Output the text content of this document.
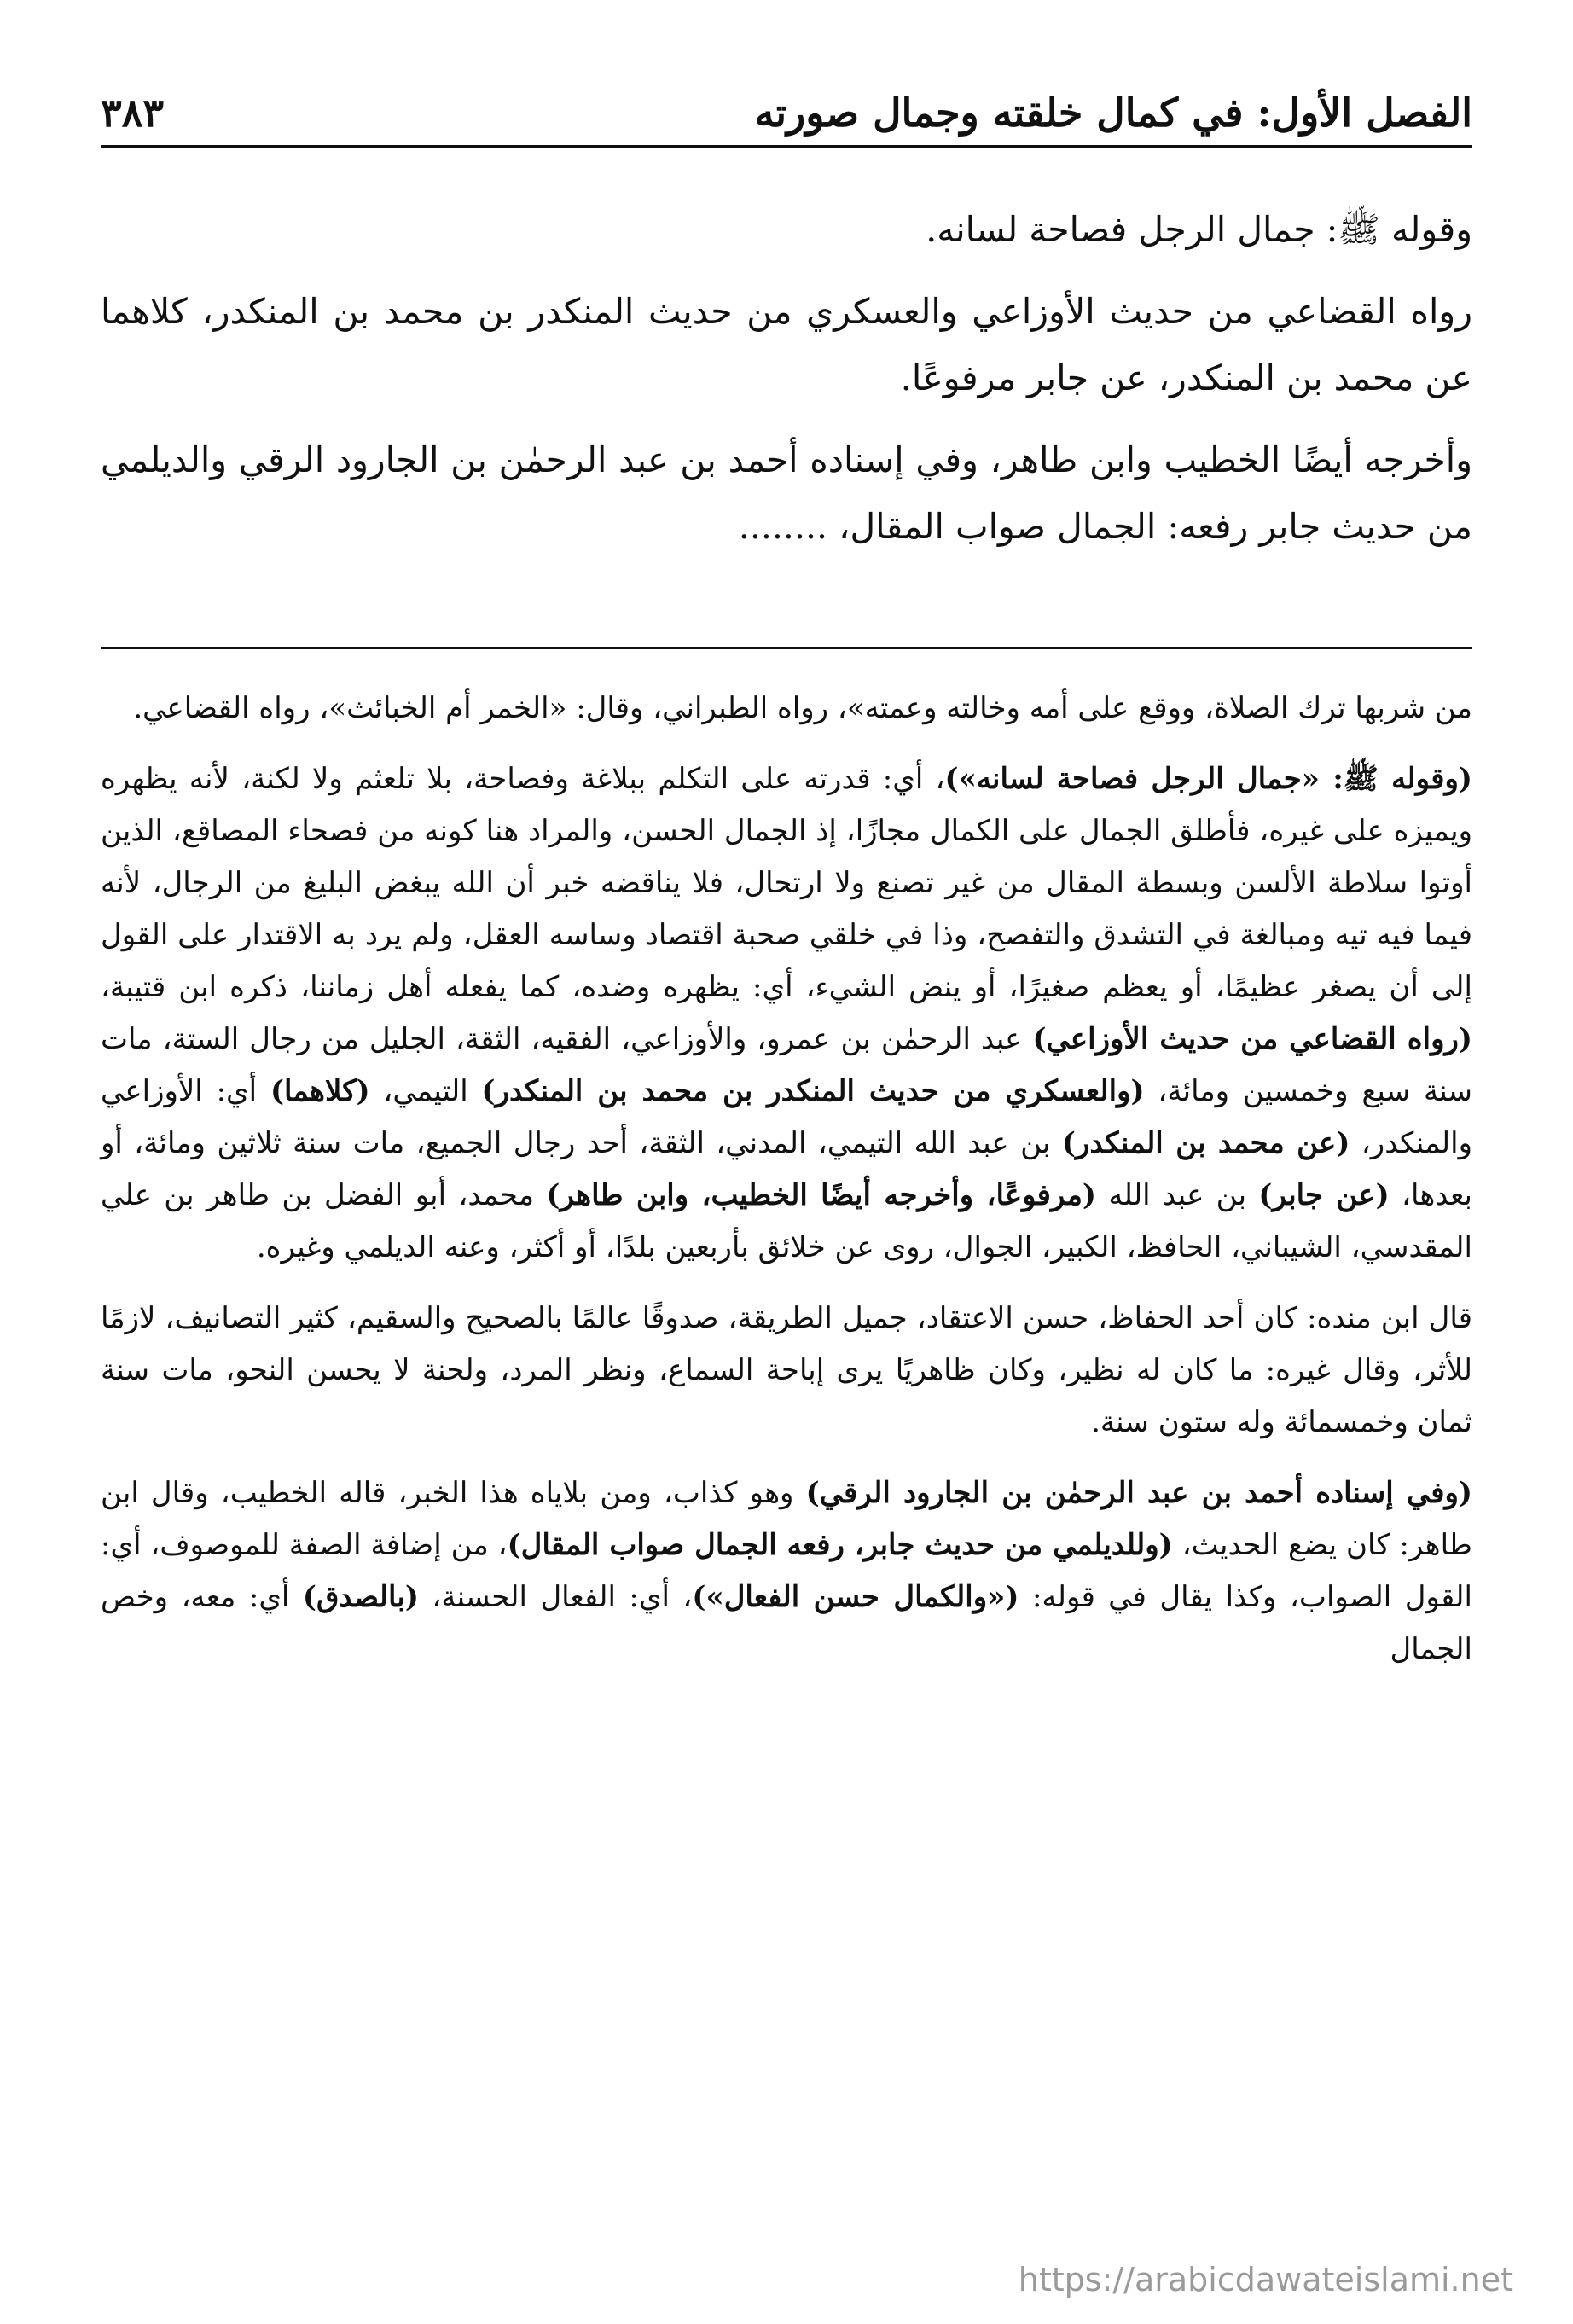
الفصل الأول: في كمال خلقته وجمال صورته
٣٨٣

وقوله ﷺ: جمال الرجل فصاحة لسانه.

رواه القضاعي من حديث الأوزاعي والعسكري من حديث المنكدر بن محمد بن المنكدر، كلاهما عن محمد بن المنكدر، عن جابر مرفوعًا.

وأخرجه أيضًا الخطيب وابن طاهر، وفي إسناده أحمد بن عبد الرحمٰن بن الجارود الرقي والديلمي من حديث جابر رفعه: الجمال صواب المقال، ........

من شربها ترك الصلاة، ووقع على أمه وخالته وعمته»، رواه الطبراني، وقال: «الخمر أم الخبائث»، رواه القضاعي.

(وقوله ﷺ: «جمال الرجل فصاحة لسانه»)، أي: قدرته على التكلم ببلاغة وفصاحة، بلا تلعثم ولا لكنة، لأنه يظهره ويميزه على غيره، فأطلق الجمال على الكمال مجازًا، إذ الجمال الحسن، والمراد هنا كونه من فصحاء المصاقع، الذين أوتوا سلاطة الألسن وبسطة المقال من غير تصنع ولا ارتحال، فلا يناقضه خبر أن الله يبغض البليغ من الرجال، لأنه فيما فيه تيه ومبالغة في التشدق والتفصح، وذا في خلقي صحبة اقتصاد وساسه العقل، ولم يرد به الاقتدار على القول إلى أن يصغر عظيمًا، أو يعظم صغيرًا، أو ينض الشيء، أي: يظهره وضده، كما يفعله أهل زماننا، ذكره ابن قتيبة، (رواه القضاعي من حديث الأوزاعي) عبد الرحمٰن بن عمرو، والأوزاعي، الفقيه، الثقة، الجليل من رجال الستة، مات سنة سبع وخمسين ومائة، (والعسكري من حديث المنكدر بن محمد بن المنكدر) التيمي، (كلاهما) أي: الأوزاعي والمنكدر، (عن محمد بن المنكدر) بن عبد الله التيمي، المدني، الثقة، أحد رجال الجميع، مات سنة ثلاثين ومائة، أو بعدها، (عن جابر) بن عبد الله (مرفوعًا، وأخرجه أيضًا الخطيب، وابن طاهر) محمد، أبو الفضل بن طاهر بن علي المقدسي، الشيباني، الحافظ، الكبير، الجوال، روى عن خلائق بأربعين بلدًا، أو أكثر، وعنه الديلمي وغيره.

قال ابن منده: كان أحد الحفاظ، حسن الاعتقاد، جميل الطريقة، صدوقًا عالمًا بالصحيح والسقيم، كثير التصانيف، لازمًا للأثر، وقال غيره: ما كان له نظير، وكان ظاهريًا يرى إباحة السماع، ونظر المرد، ولحنة لا يحسن النحو، مات سنة ثمان وخمسمائة وله ستون سنة.

(وفي إسناده أحمد بن عبد الرحمٰن بن الجارود الرقي) وهو كذاب، ومن بلاياه هذا الخبر، قاله الخطيب، وقال ابن طاهر: كان يضع الحديث، (وللديلمي من حديث جابر، رفعه الجمال صواب المقال)، من إضافة الصفة للموصوف، أي: القول الصواب، وكذا يقال في قوله: («والكمال حسن الفعال»)، أي: الفعال الحسنة، (بالصدق) أي: معه، وخص الجمال

https://arabicdawateislami.net
